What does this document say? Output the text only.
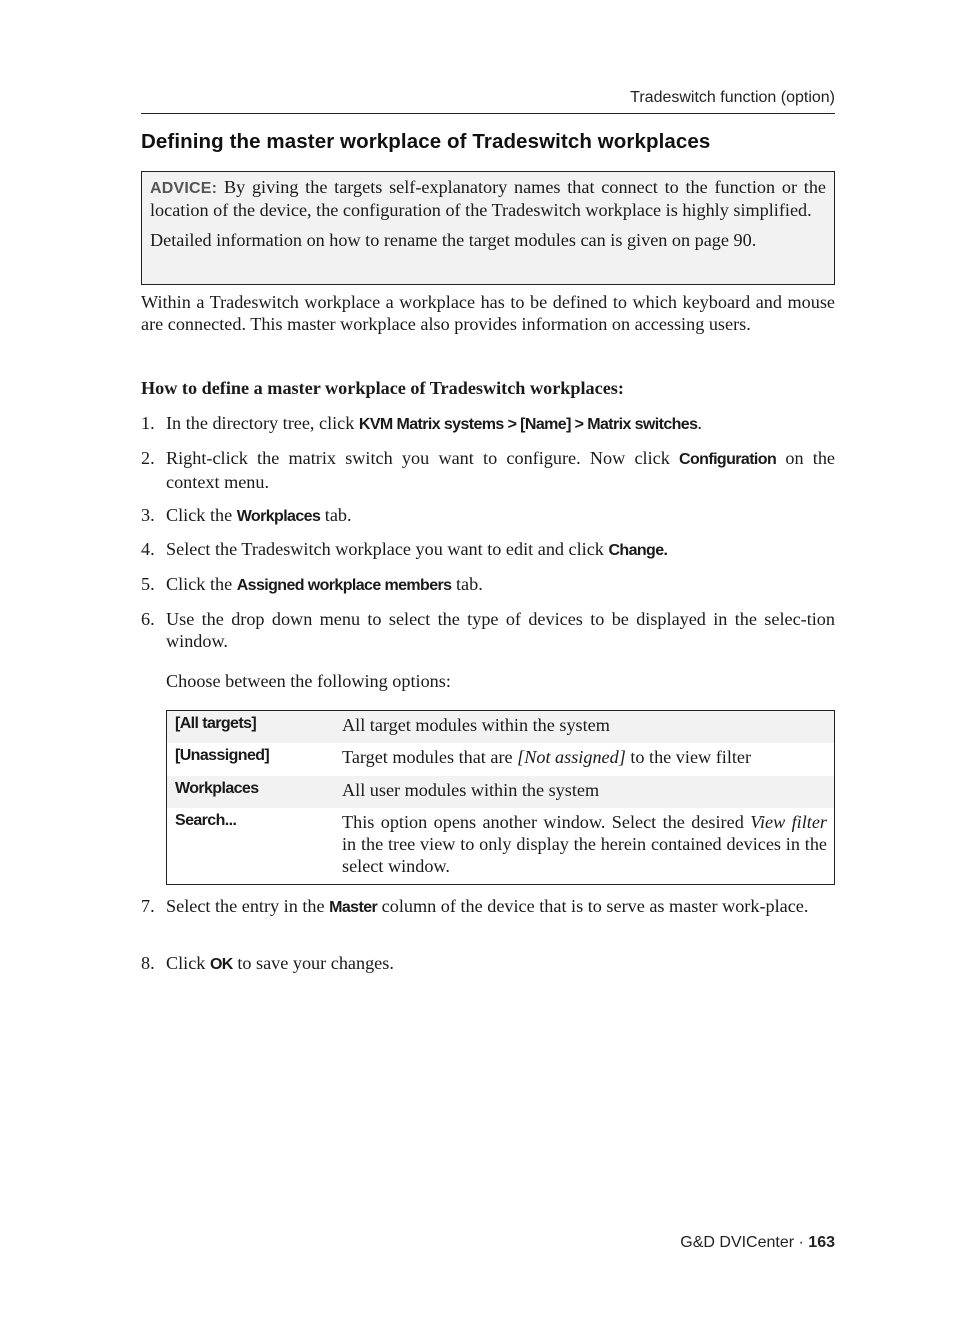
Tradeswitch function (option)
Defining the master workplace of Tradeswitch workplaces

ADVICE: By giving the targets self-explanatory names that connect to the function or the location of the device, the configuration of the Tradeswitch workplace is highly simplified.

Detailed information on how to rename the target modules can is given on page 90.

Within a Tradeswitch workplace a workplace has to be defined to which keyboard and mouse are connected. This master workplace also provides information on accessing users.

How to define a master workplace of Tradeswitch workplaces:

1. In the directory tree, click KVM Matrix systems > [Name] > Matrix switches.
2. Right-click the matrix switch you want to configure. Now click Configuration on the context menu.
3. Click the Workplaces tab.
4. Select the Tradeswitch workplace you want to edit and click Change.
5. Click the Assigned workplace members tab.
6. Use the drop down menu to select the type of devices to be displayed in the selec-tion window.

Choose between the following options:

[All targets]	All target modules within the system
[Unassigned]	Target modules that are [Not assigned] to the view filter
Workplaces	All user modules within the system
Search...	This option opens another window. Select the desired View filter in the tree view to only display the herein contained devices in the select window.
7. Select the entry in the Master column of the device that is to serve as master work-place.
8. Click OK to save your changes.
G&D DVICenter · 163
